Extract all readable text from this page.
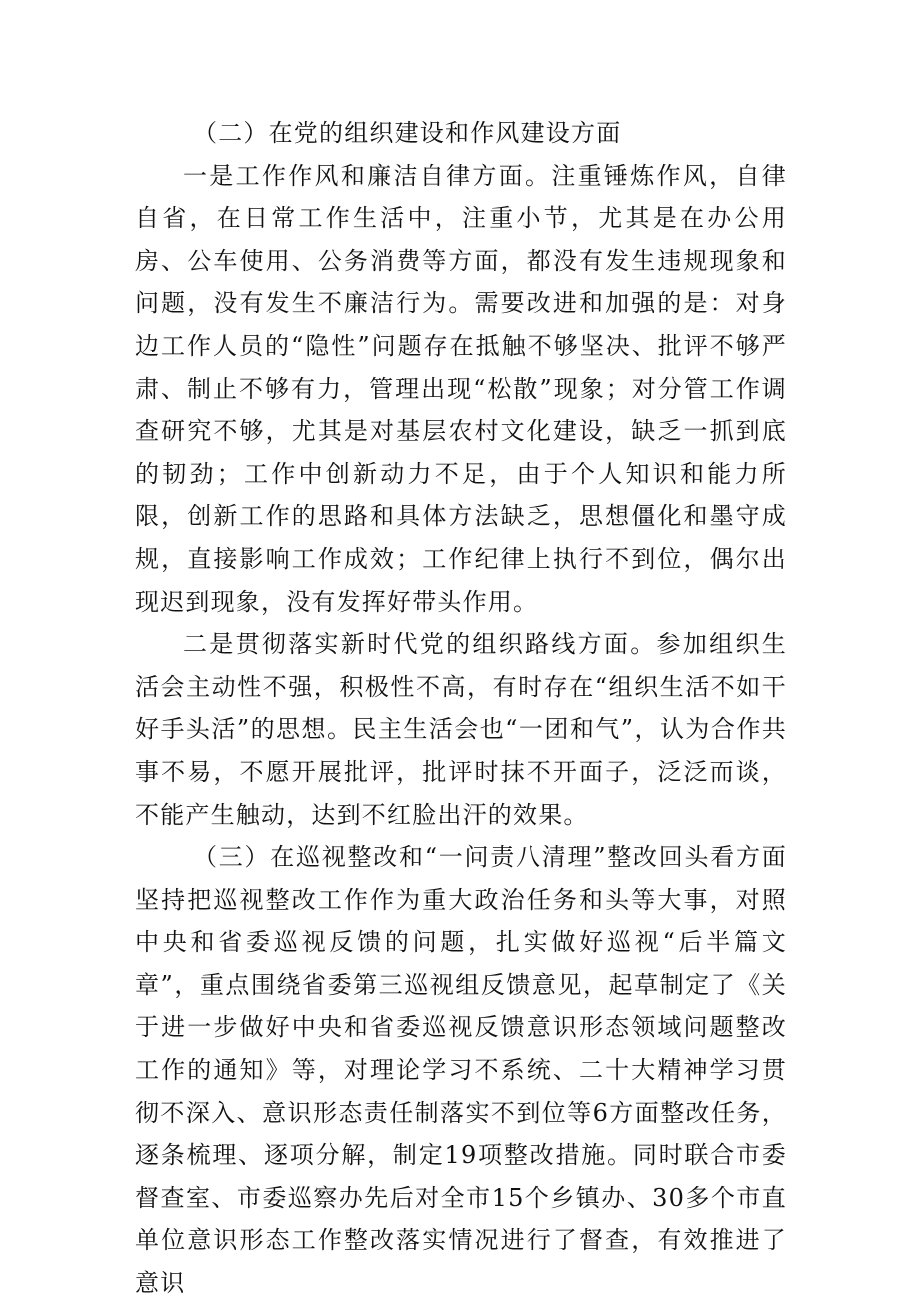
（二）在党的组织建设和作风建设方面

一是工作作风和廉洁自律方面。注重锤炼作风，自律自省，在日常工作生活中，注重小节，尤其是在办公用房、公车使用、公务消费等方面，都没有发生违规现象和问题，没有发生不廉洁行为。需要改进和加强的是：对身边工作人员的“隐性”问题存在抵触不够坚决、批评不够严肃、制止不够有力，管理出现“松散”现象；对分管工作调查研究不够，尤其是对基层农村文化建设，缺乏一抓到底的韧劲；工作中创新动力不足，由于个人知识和能力所限，创新工作的思路和具体方法缺乏，思想僵化和墨守成规，直接影响工作成效；工作纪律上执行不到位，偶尔出现迟到现象，没有发挥好带头作用。

二是贯彻落实新时代党的组织路线方面。参加组织生活会主动性不强，积极性不高，有时存在“组织生活不如干好手头活”的思想。民主生活会也“一团和气”，认为合作共事不易，不愿开展批评，批评时抹不开面子，泛泛而谈，不能产生触动，达到不红脸出汗的效果。

（三）在巡视整改和“一问责八清理”整改回头看方面坚持把巡视整改工作作为重大政治任务和头等大事，对照中央和省委巡视反馈的问题，扎实做好巡视“后半篇文章”，重点围绕省委第三巡视组反馈意见，起草制定了《关于进一步做好中央和省委巡视反馈意识形态领域问题整改工作的通知》等，对理论学习不系统、二十大精神学习贯彻不深入、意识形态责任制落实不到位等6方面整改任务，逐条梳理、逐项分解，制定19项整改措施。同时联合市委督查室、市委巡察办先后对全市15个乡镇办、30多个市直单位意识形态工作整改落实情况进行了督查，有效推进了意识
